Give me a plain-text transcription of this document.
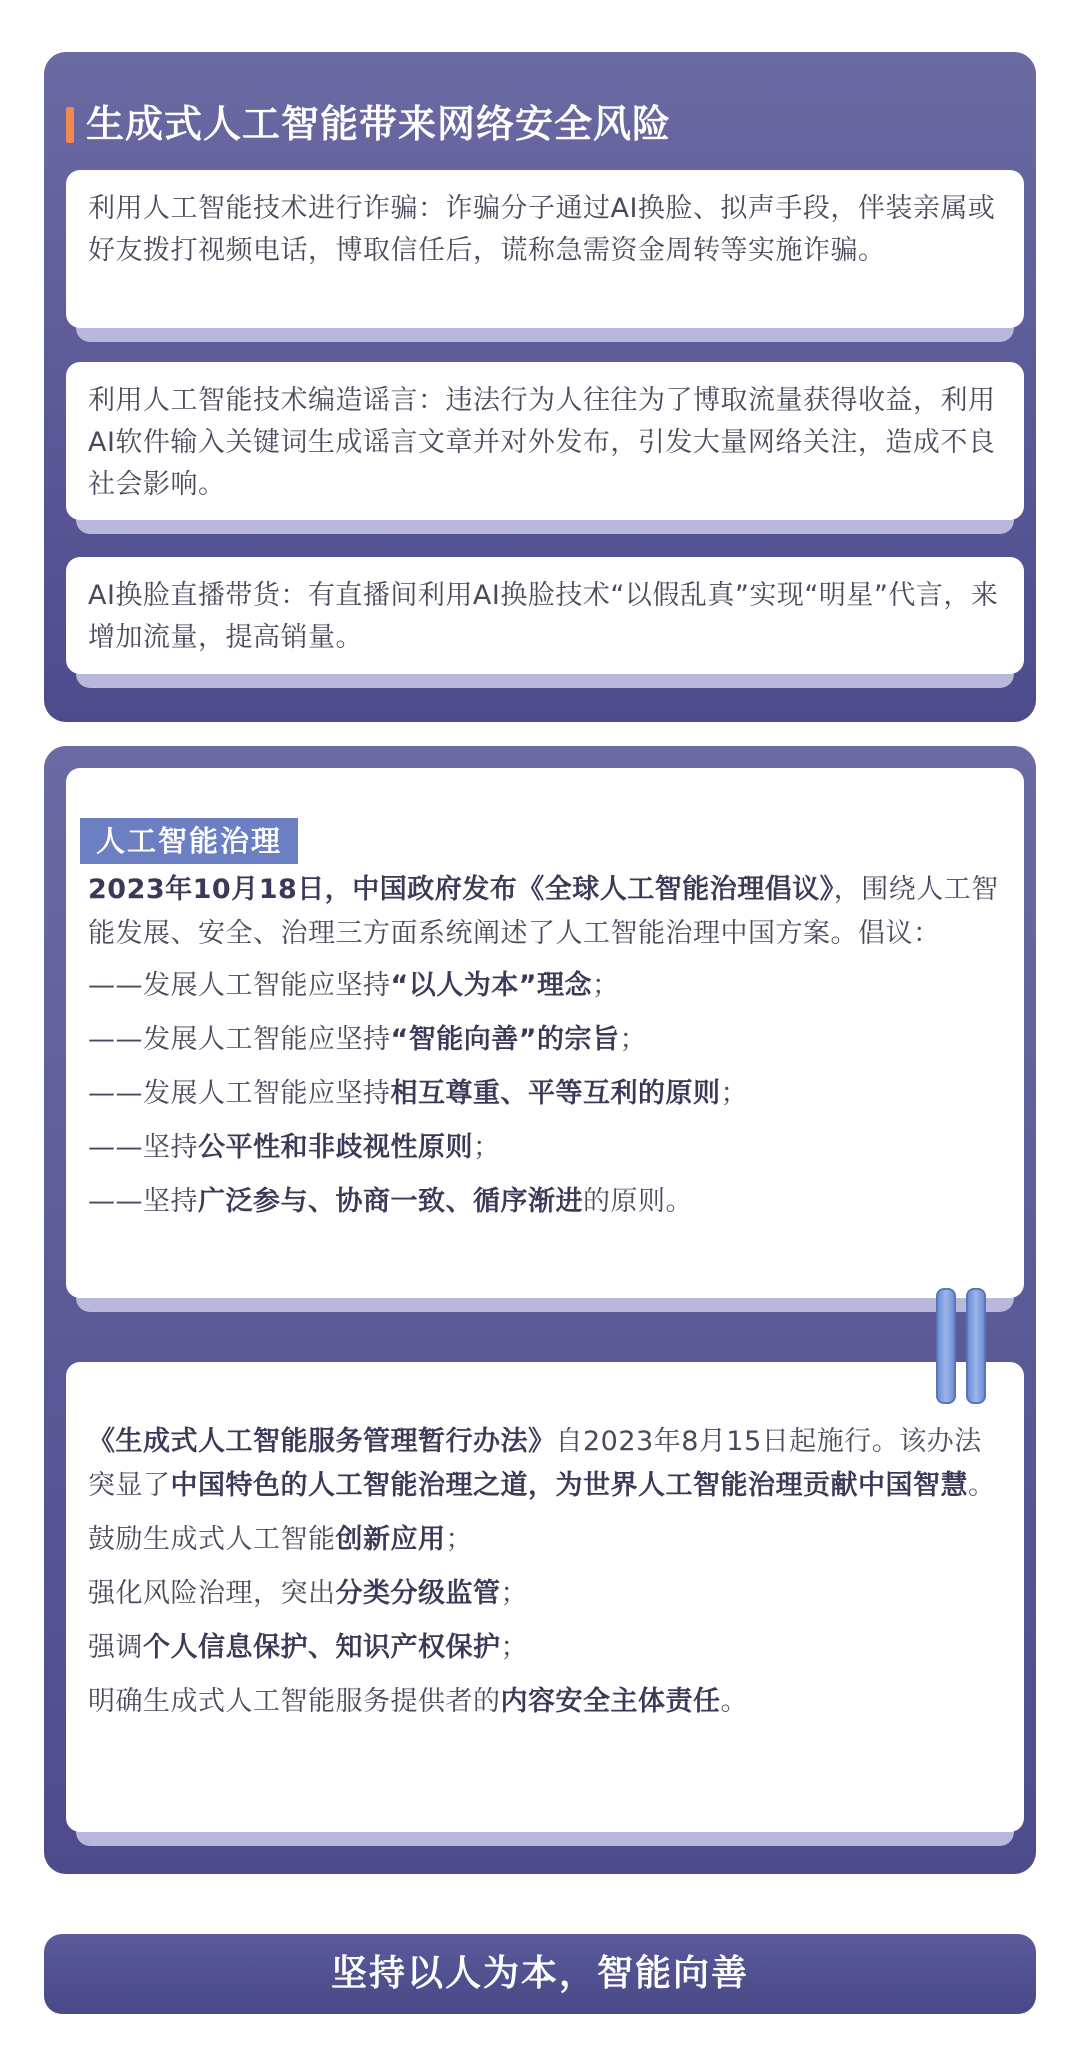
生成式人工智能带来网络安全风险

利用人工智能技术进行诈骗：诈骗分子通过AI换脸、拟声手段，伴装亲属或好友拨打视频电话，博取信任后，谎称急需资金周转等实施诈骗。

利用人工智能技术编造谣言：违法行为人往往为了博取流量获得收益，利用AI软件输入关键词生成谣言文章并对外发布，引发大量网络关注，造成不良社会影响。

AI换脸直播带货：有直播间利用AI换脸技术“以假乱真”实现“明星”代言，来增加流量，提高销量。

人工智能治理

2023年10月18日，中国政府发布《全球人工智能治理倡议》，围绕人工智能发展、安全、治理三方面系统阐述了人工智能治理中国方案。倡议：

——发展人工智能应坚持“以人为本”理念；

——发展人工智能应坚持“智能向善”的宗旨；

——发展人工智能应坚持相互尊重、平等互利的原则；

——坚持公平性和非歧视性原则；

——坚持广泛参与、协商一致、循序渐进的原则。

《生成式人工智能服务管理暂行办法》自2023年8月15日起施行。该办法突显了中国特色的人工智能治理之道，为世界人工智能治理贡献中国智慧。

鼓励生成式人工智能创新应用；

强化风险治理，突出分类分级监管；

强调个人信息保护、知识产权保护；

明确生成式人工智能服务提供者的内容安全主体责任。

坚持以人为本，智能向善
